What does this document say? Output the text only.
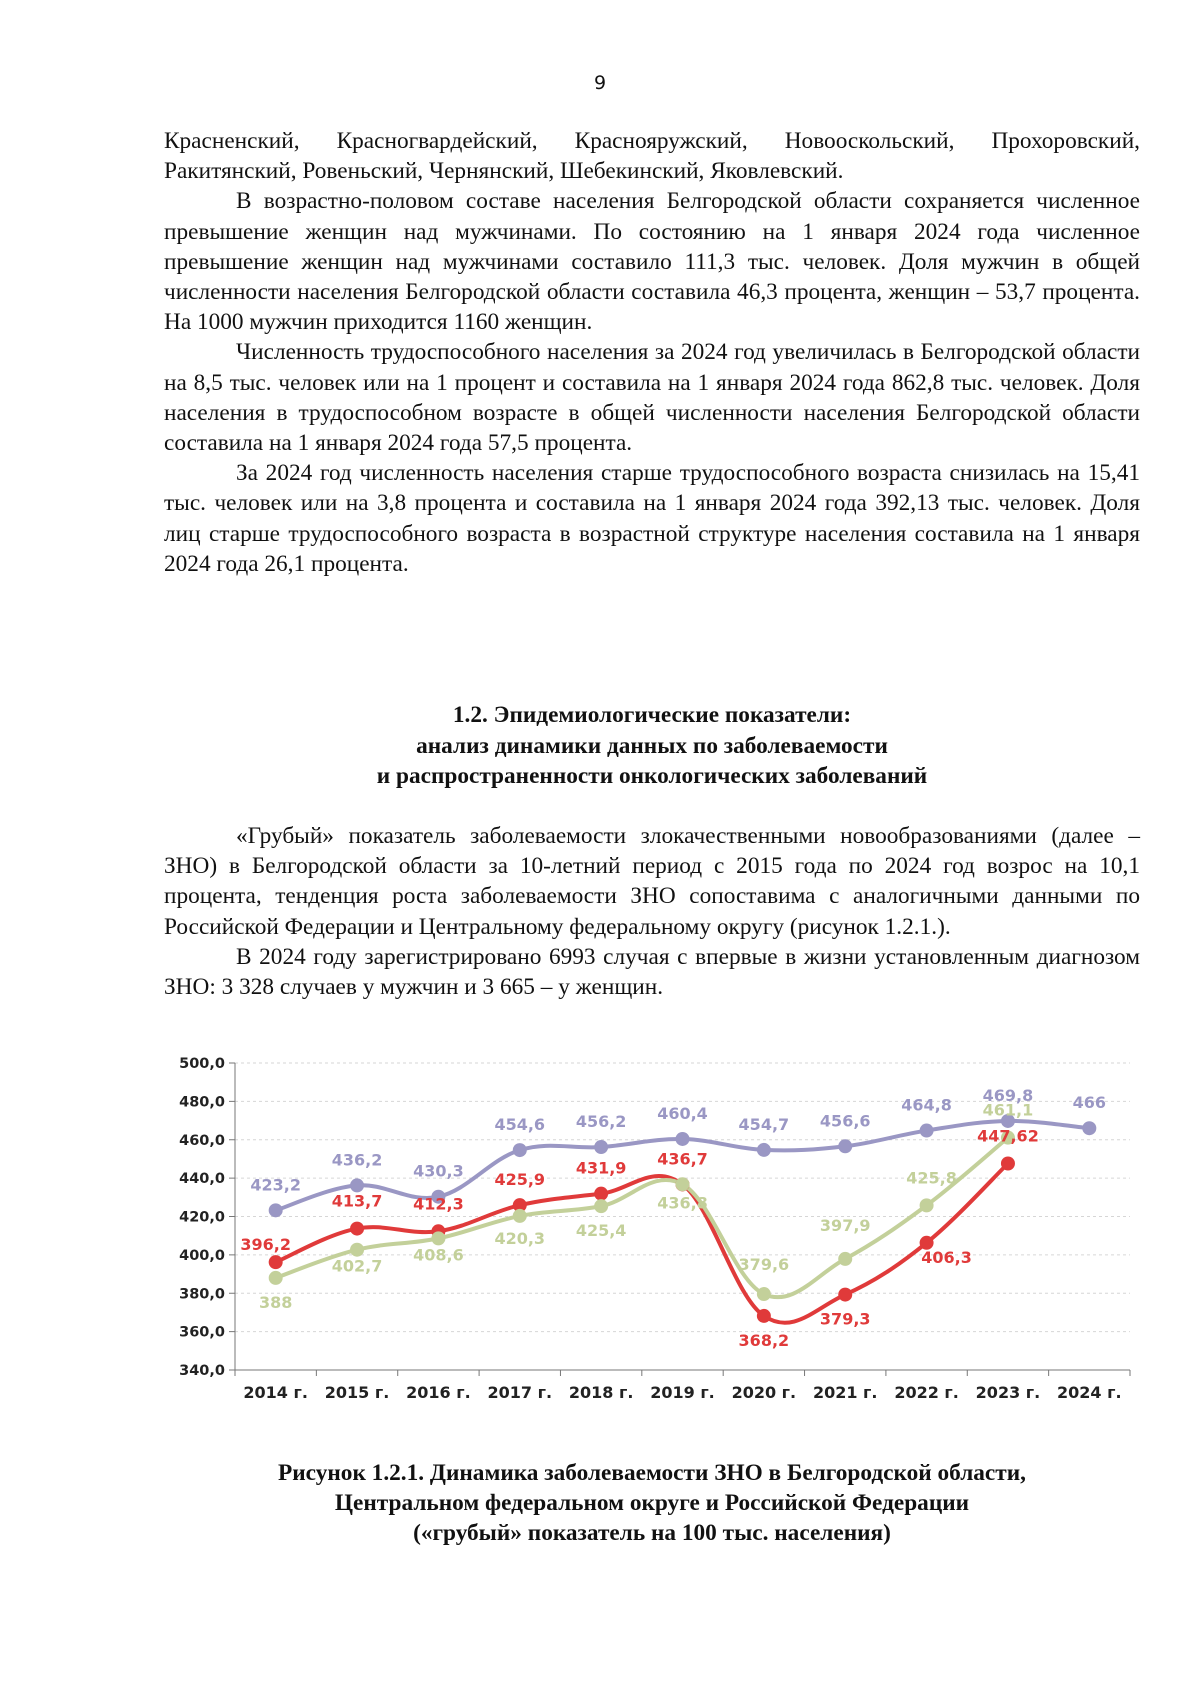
9

Красненский, Красногвардейский, Краснояружский, Новооскольский, Прохоровский, Ракитянский, Ровеньский, Чернянский, Шебекинский, Яковлевский.

В возрастно-половом составе населения Белгородской области сохраняется численное превышение женщин над мужчинами. По состоянию на 1 января 2024 года численное превышение женщин над мужчинами составило 111,3 тыс. человек. Доля мужчин в общей численности населения Белгородской области составила 46,3 процента, женщин – 53,7 процента. На 1000 мужчин приходится 1160 женщин.

Численность трудоспособного населения за 2024 год увеличилась в Белгородской области на 8,5 тыс. человек или на 1 процент и составила на 1 января 2024 года 862,8 тыс. человек. Доля населения в трудоспособном возрасте в общей численности населения Белгородской области составила на 1 января 2024 года 57,5 процента.

За 2024 год численность населения старше трудоспособного возраста снизилась на 15,41 тыс. человек или на 3,8 процента и составила на 1 января 2024 года 392,13 тыс. человек. Доля лиц старше трудоспособного возраста в возрастной структуре населения составила на 1 января 2024 года 26,1 процента.

1.2. Эпидемиологические показатели:
анализ динамики данных по заболеваемости
и распространенности онкологических заболеваний

«Грубый» показатель заболеваемости злокачественными новообразованиями (далее – ЗНО) в Белгородской области за 10-летний период с 2015 года по 2024 год возрос на 10,1 процента, тенденция роста заболеваемости ЗНО сопоставима с аналогичными данными по Российской Федерации и Центральному федеральному округу (рисунок 1.2.1.).

В 2024 году зарегистрировано 6993 случая с впервые в жизни установленным диагнозом ЗНО: 3 328 случаев у мужчин и 3 665 – у женщин.

340,0
360,0
380,0
400,0
420,0
440,0
460,0
480,0
500,0
2014 г. 2015 г. 2016 г. 2017 г. 2018 г. 2019 г. 2020 г. 2021 г. 2022 г. 2023 г. 2024 г.
423,2
436,2
430,3
454,6 456,2 460,4
454,7 456,6
464,8
469,8 466
396,2
413,7 412,3
425,9
431,9 436,7
368,2
379,3
406,3
447,62
388
402,7
408,6
420,3 425,4
436,8
379,6
397,9
425,8
461,1
Рисунок 1.2.1. Динамика заболеваемости ЗНО в Белгородской области,
Центральном федеральном округе и Российской Федерации
(«грубый» показатель на 100 тыс. населения)
